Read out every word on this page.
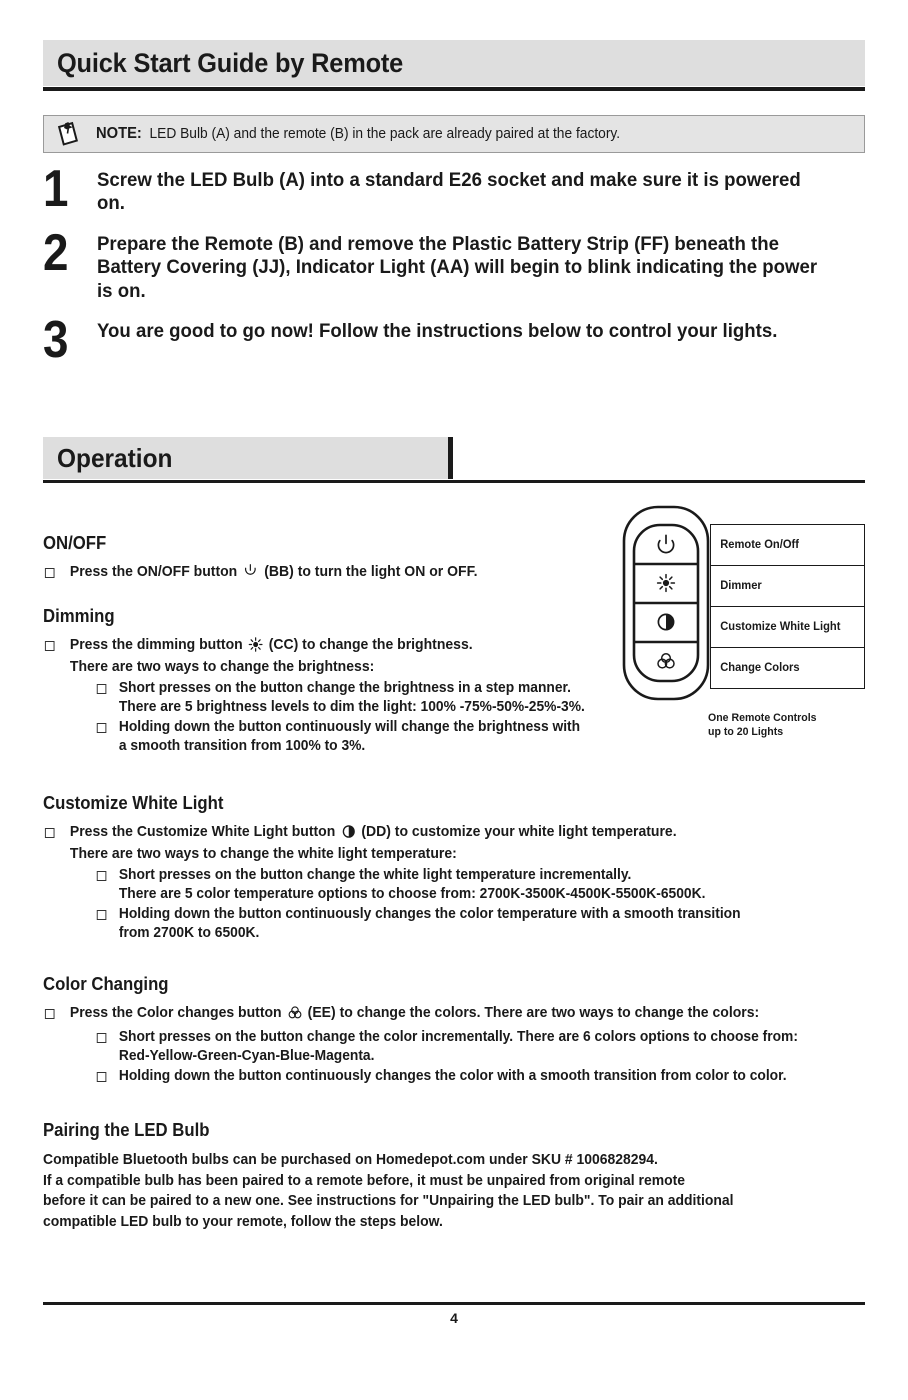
Quick Start Guide by Remote
NOTE: LED Bulb (A) and the remote (B) in the pack are already paired at the factory.
1	Screw the LED Bulb (A) into a standard E26 socket and make sure it is powered on.
2	Prepare the Remote (B) and remove the Plastic Battery Strip (FF) beneath the Battery Covering (JJ), Indicator Light (AA) will begin to blink indicating the power is on.
3	You are good to go now! Follow the instructions below to control your lights.
Operation
Remote On/Off
Dimmer
Customize White Light
Change Colors
One Remote Controls
up to 20 Lights
ON/OFF
Press the ON/OFF button (BB) to turn the light ON or OFF.
Dimming
Press the dimming button (CC) to change the brightness.
There are two ways to change the brightness:
Short presses on the button change the brightness in a step manner.
There are 5 brightness levels to dim the light: 100% -75%-50%-25%-3%.
Holding down the button continuously will change the brightness with
a smooth transition from 100% to 3%.
Customize White Light
Press the Customize White Light button (DD) to customize your white light temperature.
There are two ways to change the white light temperature:
Short presses on the button change the white light temperature incrementally.
There are 5 color temperature options to choose from: 2700K-3500K-4500K-5500K-6500K.
Holding down the button continuously changes the color temperature with a smooth transition
from 2700K to 6500K.
Color Changing
Press the Color changes button (EE) to change the colors. There are two ways to change the colors:
Short presses on the button change the color incrementally. There are 6 colors options to choose from:
Red-Yellow-Green-Cyan-Blue-Magenta.
Holding down the button continuously changes the color with a smooth transition from color to color.
Pairing the LED Bulb
Compatible Bluetooth bulbs can be purchased on Homedepot.com under SKU # 1006828294.
If a compatible bulb has been paired to a remote before, it must be unpaired from original remote
before it can be paired to a new one. See instructions for "Unpairing the LED bulb". To pair an additional
compatible LED bulb to your remote, follow the steps below.
4
